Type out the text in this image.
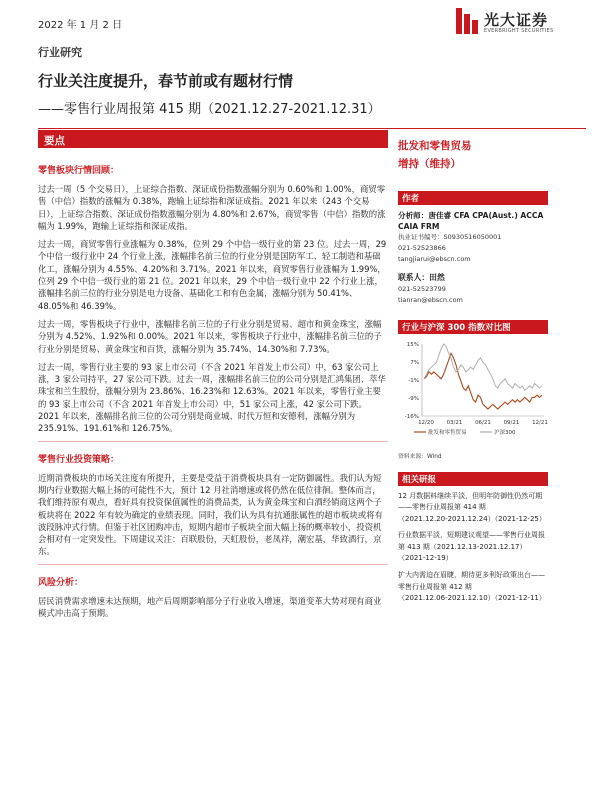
2022 年 1 月 2 日	光大证券
EVERBRIGHT SECURITIES
行业研究
行业关注度提升，春节前或有题材行情
——零售行业周报第 415 期（2021.12.27-2021.12.31）
要点
零售板块行情回顾：
过去一周（5 个交易日），上证综合指数、深证成份指数涨幅分别为 0.60%和 1.00%，商贸零售（中信）指数的涨幅为 0.38%，跑输上证综指和深证成指。2021 年以来（243 个交易日），上证综合指数、深证成份指数涨幅分别为 4.80%和 2.67%，商贸零售（中信）指数的涨幅为 1.99%，跑输上证综指和深证成指。
过去一周，商贸零售行业涨幅为 0.38%，位列 29 个中信一级行业的第 23 位。过去一周，29 个中信一级行业中 24 个行业上涨，涨幅排名前三位的行业分别是国防军工、轻工制造和基础化工，涨幅分别为 4.55%、4.20%和 3.71%。2021 年以来，商贸零售行业涨幅为 1.99%，位列 29 个中信一级行业的第 21 位。2021 年以来，29 个中信一级行业中 22 个行业上涨，涨幅排名前三位的行业分别是电力设备、基础化工和有色金属，涨幅分别为 50.41%、48.05%和 46.39%。
过去一周，零售板块子行业中，涨幅排名前三位的子行业分别是贸易、超市和黄金珠宝，涨幅分别为 4.52%、1.92%和 0.00%。2021 年以来，零售板块子行业中，涨幅排名前三位的子行业分别是贸易、黄金珠宝和百货，涨幅分别为 35.74%、14.30%和 7.73%。
过去一周，零售行业主要的 93 家上市公司（不含 2021 年首发上市公司）中，63 家公司上涨，3 家公司持平，27 家公司下跌。过去一周，涨幅排名前三位的公司分别是汇鸿集团、萃华珠宝和兰生股份，涨幅分别为 23.86%、16.23%和 12.63%。2021 年以来，零售行业主要的 93 家上市公司（不含 2021 年首发上市公司）中，51 家公司上涨，42 家公司下跌。2021 年以来，涨幅排名前三位的公司分别是商业城、时代万恒和安德利，涨幅分别为 235.91%、191.61%和 126.75%。
零售行业投资策略：
近期消费板块的市场关注度有所提升，主要是受益于消费板块具有一定防御属性。我们认为短期内行业数据大幅上扬的可能性不大，预计 12 月社消增速或将仍然在低位徘徊。整体而言，我们维持原有观点，看好具有投资保值属性的消费品类，认为黄金珠宝和白酒经销商这两个子板块将在 2022 年有较为确定的业绩表现。同时，我们认为具有抗通胀属性的超市板块或将有波段脉冲式行情。但鉴于社区团购冲击，短期内超市子板块全面大幅上扬的概率较小，投资机会相对有一定突发性。下周建议关注：百联股份，天虹股份，老凤祥，潮宏基，华致酒行，京东。
风险分析：
居民消费需求增速未达预期，地产后周期影响部分子行业收入增速，渠道变革大势对现有商业模式冲击高于预期。
批发和零售贸易
增持（维持）
作者
分析师：唐佳睿 CFA CPA(Aust.) ACCA
CAIA FRM
执业证书编号：S0930516050001
021-52523866
tangjiarui@ebscn.com
联系人：田然
021-52523799
tianran@ebscn.com
行业与沪深 300 指数对比图
15%
7%
-1%
-9%
-16%
12/20 03/21 06/21 09/21 12/21
批发和零售贸易	沪深300
资料来源：Wind
相关研报
12 月数据料继续平淡，但明年防御性仍然可期——零售行业周报第 414 期
（2021.12.20-2021.12.24）（2021-12-25）
行业数据平淡，短期建议观望——零售行业周报第 413 期（2021.12.13-2021.12.17）
（2021-12-19）
扩大内需迫在眉睫，期待更多利好政策出台——零售行业周报第 412 期
（2021.12.06-2021.12.10）（2021-12-11）
